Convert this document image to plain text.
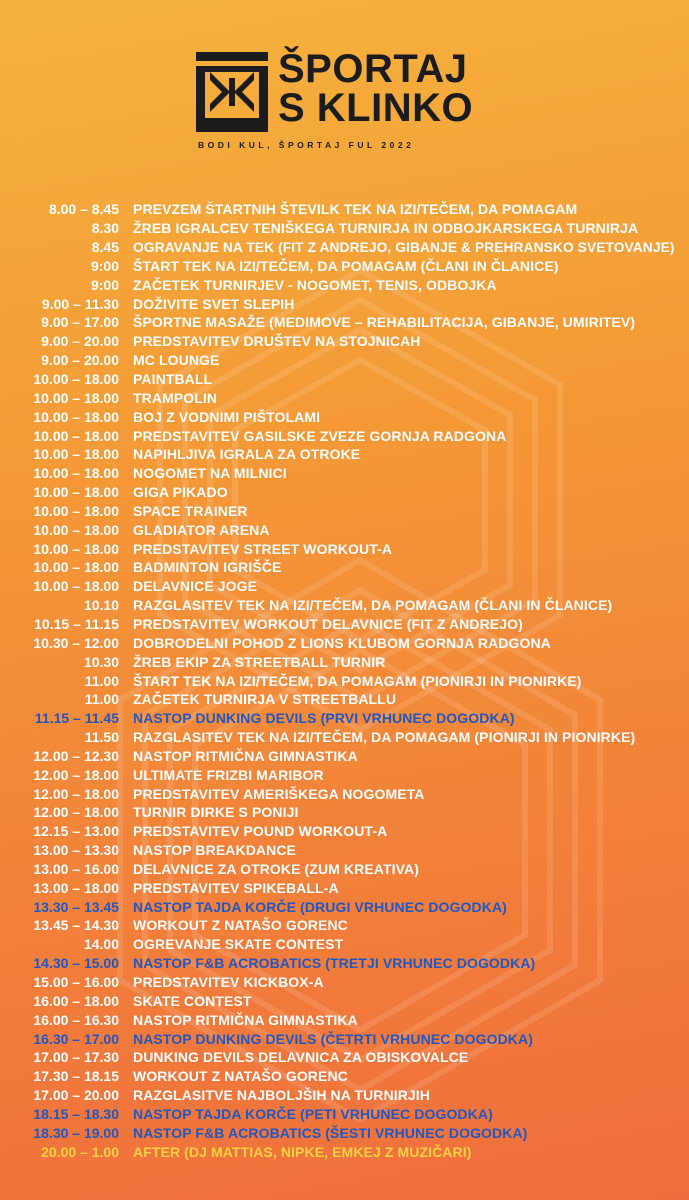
ŠPORTAJ
S KLINKO
BODI KUL, ŠPORTAJ FUL 2022
8.00 – 8.45	PREVZEM ŠTARTNIH ŠTEVILK TEK NA IZI/TEČEM, DA POMAGAM
8.30	ŽREB IGRALCEV TENIŠKEGA TURNIRJA IN ODBOJKARSKEGA TURNIRJA
8.45	OGRAVANJE NA TEK (FIT Z ANDREJO, GIBANJE & PREHRANSKO SVETOVANJE)
9:00	ŠTART TEK NA IZI/TEČEM, DA POMAGAM (ČLANI IN ČLANICE)
9:00	ZAČETEK TURNIRJEV - NOGOMET, TENIS, ODBOJKA
9.00 – 11.30	DOŽIVITE SVET SLEPIH
9.00 – 17.00	ŠPORTNE MASAŽE (MEDIMOVE – REHABILITACIJA, GIBANJE, UMIRITEV)
9.00 – 20.00	PREDSTAVITEV DRUŠTEV NA STOJNICAH
9.00 – 20.00	MC LOUNGE
10.00 – 18.00	PAINTBALL
10.00 – 18.00	TRAMPOLIN
10.00 – 18.00	BOJ Z VODNIMI PIŠTOLAMI
10.00 – 18.00	PREDSTAVITEV GASILSKE ZVEZE GORNJA RADGONA
10.00 – 18.00	NAPIHLJIVA IGRALA ZA OTROKE
10.00 – 18.00	NOGOMET NA MILNICI
10.00 – 18.00	GIGA PIKADO
10.00 – 18.00	SPACE TRAINER
10.00 – 18.00	GLADIATOR ARENA
10.00 – 18.00	PREDSTAVITEV STREET WORKOUT-A
10.00 – 18.00	BADMINTON IGRIŠČE
10.00 – 18.00	DELAVNICE JOGE
10.10	RAZGLASITEV TEK NA IZI/TEČEM, DA POMAGAM (ČLANI IN ČLANICE)
10.15 – 11.15	PREDSTAVITEV WORKOUT DELAVNICE (FIT Z ANDREJO)
10.30 – 12.00	DOBRODELNI POHOD Z LIONS KLUBOM GORNJA RADGONA
10.30	ŽREB EKIP ZA STREETBALL TURNIR
11.00	ŠTART TEK NA IZI/TEČEM, DA POMAGAM (PIONIRJI IN PIONIRKE)
11.00	ZAČETEK TURNIRJA V STREETBALLU
11.15 – 11.45	NASTOP DUNKING DEVILS (PRVI VRHUNEC DOGODKA)
11.50	RAZGLASITEV TEK NA IZI/TEČEM, DA POMAGAM (PIONIRJI IN PIONIRKE)
12.00 – 12.30	NASTOP RITMIČNA GIMNASTIKA
12.00 – 18.00	ULTIMATE FRIZBI MARIBOR
12.00 – 18.00	PREDSTAVITEV AMERIŠKEGA NOGOMETA
12.00 – 18.00	TURNIR DIRKE S PONIJI
12.15 – 13.00	PREDSTAVITEV POUND WORKOUT-A
13.00 – 13.30	NASTOP BREAKDANCE
13.00 – 16.00	DELAVNICE ZA OTROKE (ZUM KREATIVA)
13.00 – 18.00	PREDSTAVITEV SPIKEBALL-A
13.30 – 13.45	NASTOP TAJDA KORČE (DRUGI VRHUNEC DOGODKA)
13.45 – 14.30	WORKOUT Z NATAŠO GORENC
14.00	OGREVANJE SKATE CONTEST
14.30 – 15.00	NASTOP F&B ACROBATICS (TRETJI VRHUNEC DOGODKA)
15.00 – 16.00	PREDSTAVITEV KICKBOX-A
16.00 – 18.00	SKATE CONTEST
16.00 – 16.30	NASTOP RITMIČNA GIMNASTIKA
16.30 – 17.00	NASTOP DUNKING DEVILS (ČETRTI VRHUNEC DOGODKA)
17.00 – 17.30	DUNKING DEVILS DELAVNICA ZA OBISKOVALCE
17.30 – 18.15	WORKOUT Z NATAŠO GORENC
17.00 – 20.00	RAZGLASITVE NAJBOLJŠIH NA TURNIRJIH
18.15 – 18.30	NASTOP TAJDA KORČE (PETI VRHUNEC DOGODKA)
18.30 – 19.00	NASTOP F&B ACROBATICS (ŠESTI VRHUNEC DOGODKA)
20.00 – 1.00	AFTER (DJ MATTIAS, NIPKE, EMKEJ Z MUZIČARI)
